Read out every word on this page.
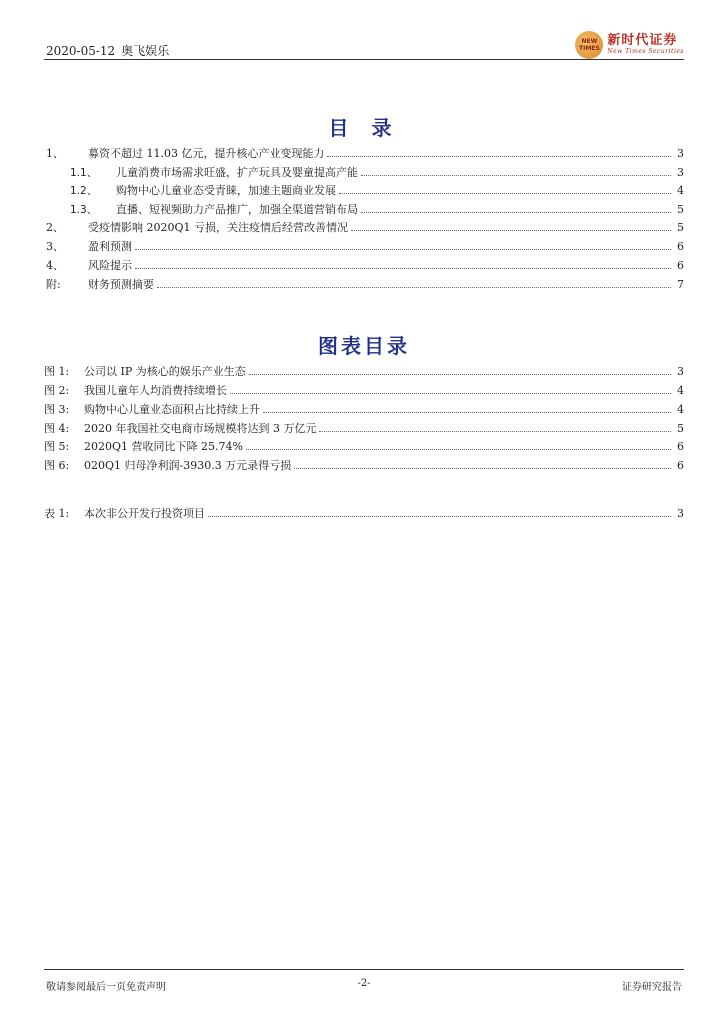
2020-05-12 奥飞娱乐
NEW
TIMES
新时代证券
New Times Securities
目 录
1、	募资不超过 11.03 亿元，提升核心产业变现能力	3
1.1、	儿童消费市场需求旺盛，扩产玩具及婴童提高产能	3
1.2、	购物中心儿童业态受青睐，加速主题商业发展	4
1.3、	直播、短视频助力产品推广，加强全渠道营销布局	5
2、	受疫情影响 2020Q1 亏损，关注疫情后经营改善情况	5
3、	盈利预测	6
4、	风险提示	6
附:	财务预测摘要	7
图表目录
图 1:	公司以 IP 为核心的娱乐产业生态	3
图 2:	我国儿童年人均消费持续增长	4
图 3:	购物中心儿童业态面积占比持续上升	4
图 4:	2020 年我国社交电商市场规模将达到 3 万亿元	5
图 5:	2020Q1 营收同比下降 25.74%	6
图 6:	020Q1 归母净利润-3930.3 万元录得亏损	6
表 1:	本次非公开发行投资项目	3
敬请参阅最后一页免责声明	-2-	证券研究报告
